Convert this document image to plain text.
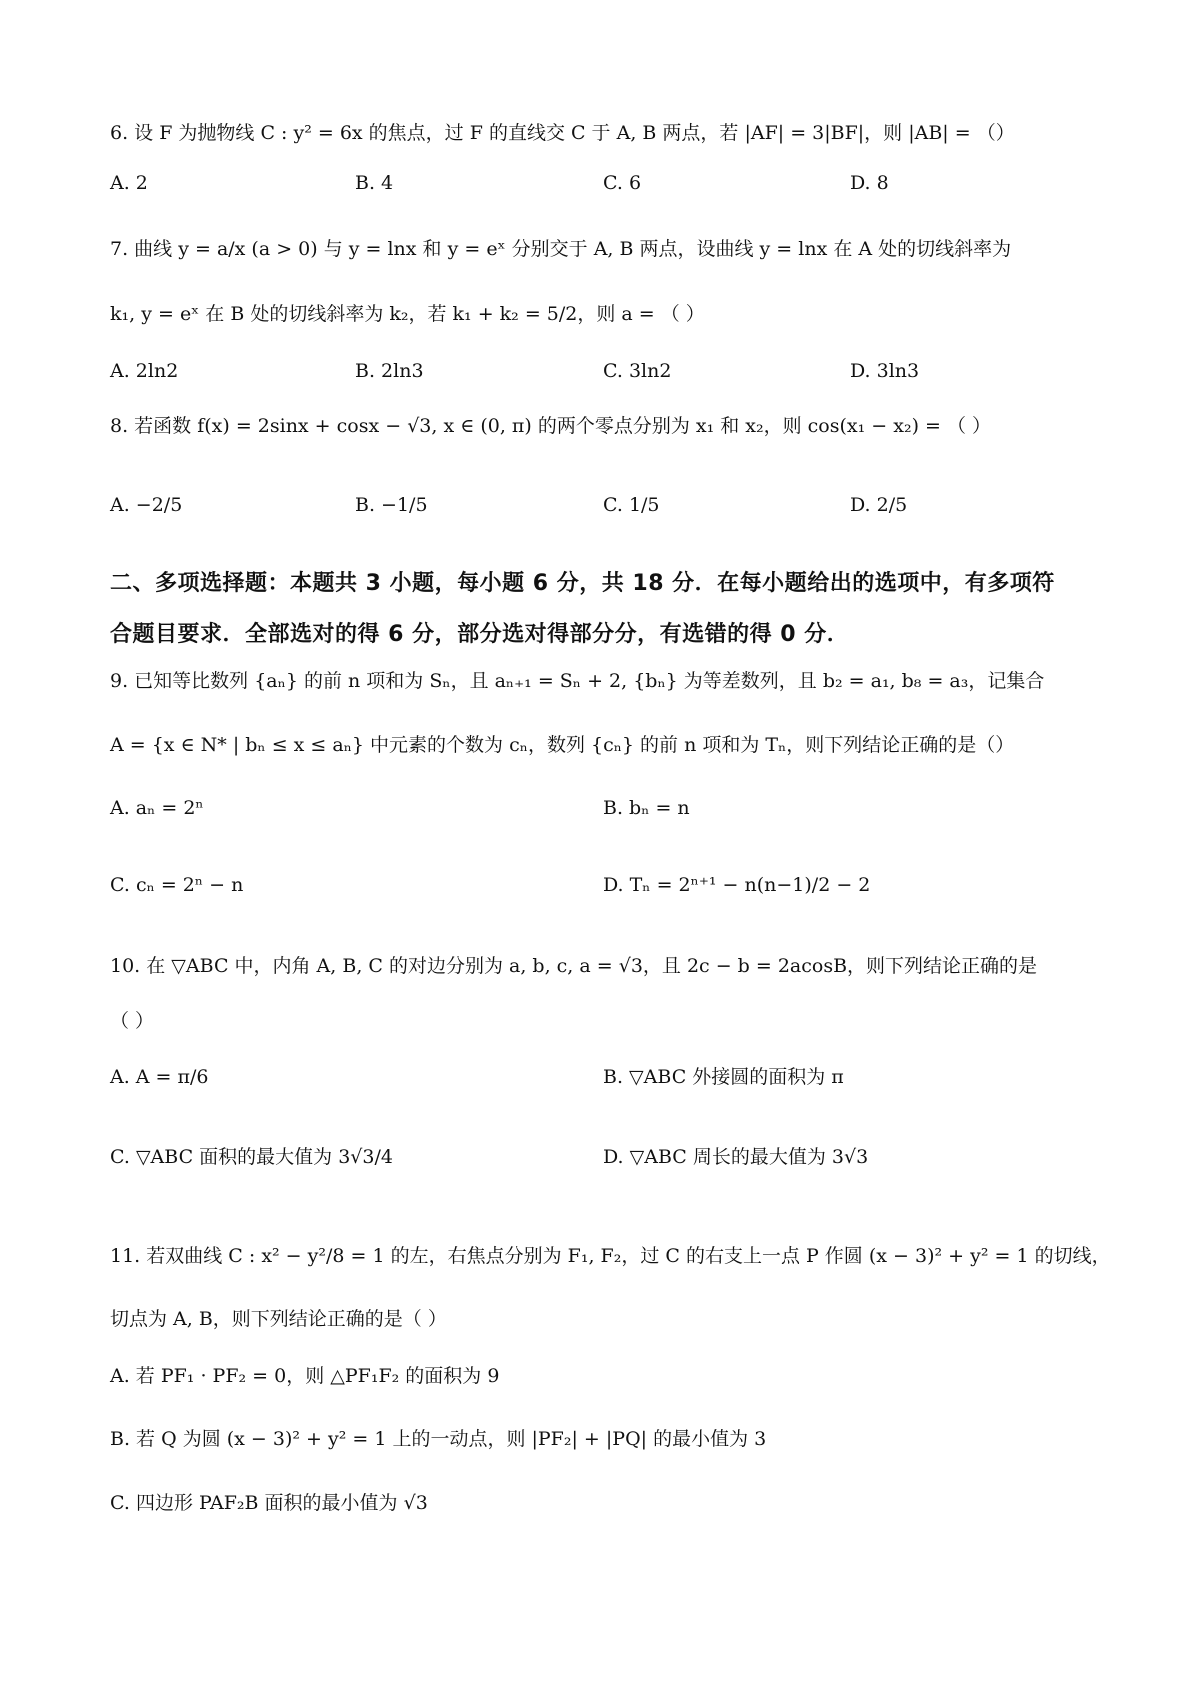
6. 设 F 为抛物线 C : y² = 6x 的焦点，过 F 的直线交 C 于 A, B 两点，若 |AF| = 3|BF|，则 |AB| = （）
A. 2	B. 4	C. 6	D. 8
7. 曲线 y = a/x (a > 0) 与 y = lnx 和 y = eˣ 分别交于 A, B 两点，设曲线 y = lnx 在 A 处的切线斜率为
k₁, y = eˣ 在 B 处的切线斜率为 k₂，若 k₁ + k₂ = 5/2，则 a = （ ）
A. 2ln2	B. 2ln3	C. 3ln2	D. 3ln3
8. 若函数 f(x) = 2sinx + cosx − √3, x ∈ (0, π) 的两个零点分别为 x₁ 和 x₂，则 cos(x₁ − x₂) = （ ）
A. −2/5	B. −1/5	C. 1/5	D. 2/5
二、多项选择题：本题共 3 小题，每小题 6 分，共 18 分．在每小题给出的选项中，有多项符
合题目要求．全部选对的得 6 分，部分选对得部分分，有选错的得 0 分．
9. 已知等比数列 {aₙ} 的前 n 项和为 Sₙ，且 aₙ₊₁ = Sₙ + 2, {bₙ} 为等差数列，且 b₂ = a₁, b₈ = a₃，记集合
A = {x ∈ N* | bₙ ≤ x ≤ aₙ} 中元素的个数为 cₙ，数列 {cₙ} 的前 n 项和为 Tₙ，则下列结论正确的是（）
A. aₙ = 2ⁿ	B. bₙ = n
C. cₙ = 2ⁿ − n	D. Tₙ = 2ⁿ⁺¹ − n(n−1)/2 − 2
10. 在 ▽ABC 中，内角 A, B, C 的对边分别为 a, b, c, a = √3，且 2c − b = 2acosB，则下列结论正确的是
（ ）
A. A = π/6	B. ▽ABC 外接圆的面积为 π
C. ▽ABC 面积的最大值为 3√3/4	D. ▽ABC 周长的最大值为 3√3
11. 若双曲线 C : x² − y²/8 = 1 的左，右焦点分别为 F₁, F₂，过 C 的右支上一点 P 作圆 (x − 3)² + y² = 1 的切线，
切点为 A, B，则下列结论正确的是（ ）
A. 若 PF₁ · PF₂ = 0，则 △PF₁F₂ 的面积为 9
B. 若 Q 为圆 (x − 3)² + y² = 1 上的一动点，则 |PF₂| + |PQ| 的最小值为 3
C. 四边形 PAF₂B 面积的最小值为 √3
